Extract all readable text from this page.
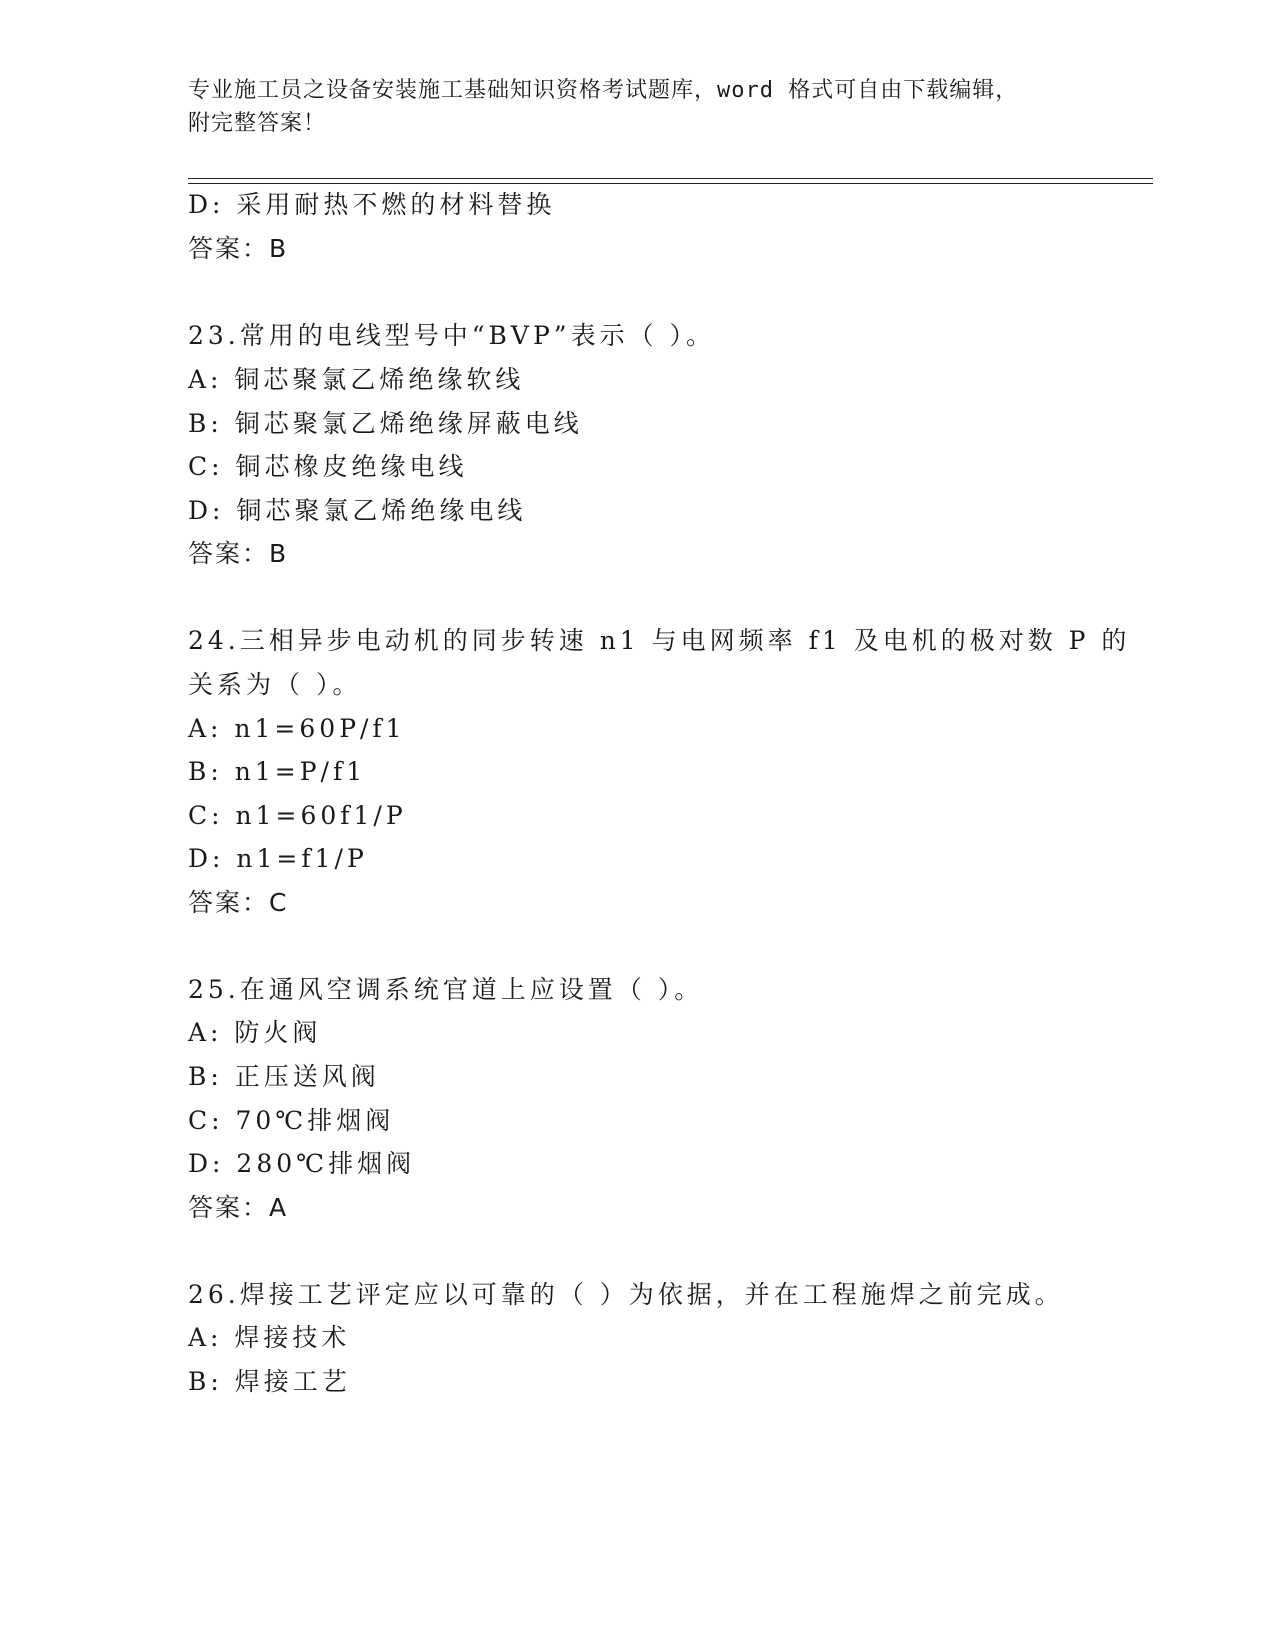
专业施工员之设备安装施工基础知识资格考试题库，word 格式可自由下载编辑，
附完整答案！
D: 采用耐热不燃的材料替换
答案：B
23.常用的电线型号中“BVP”表示（ ）。
A: 铜芯聚氯乙烯绝缘软线
B: 铜芯聚氯乙烯绝缘屏蔽电线
C: 铜芯橡皮绝缘电线
D: 铜芯聚氯乙烯绝缘电线
答案：B
24.三相异步电动机的同步转速 n1 与电网频率 f1 及电机的极对数 P 的
关系为（ ）。
A: n1=60P/f1
B: n1=P/f1
C: n1=60f1/P
D: n1=f1/P
答案：C
25.在通风空调系统官道上应设置（ ）。
A: 防火阀
B: 正压送风阀
C: 70℃排烟阀
D: 280℃排烟阀
答案：A
26.焊接工艺评定应以可靠的（ ）为依据，并在工程施焊之前完成。
A: 焊接技术
B: 焊接工艺
